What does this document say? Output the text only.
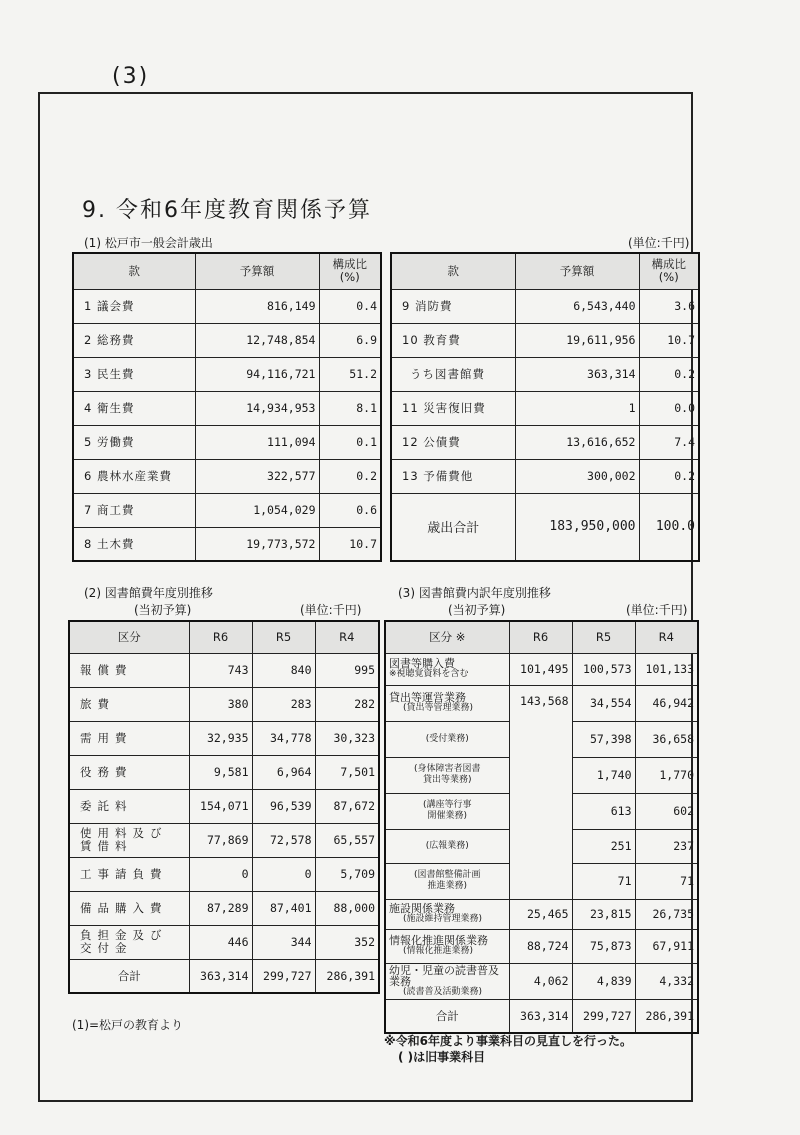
(3)
9. 令和6年度教育関係予算
(1) 松戸市一般会計歳出	(単位:千円)
款	予算額	構成比
(%)
1 議会費	816,149	0.4
2 総務費	12,748,854	6.9
3 民生費	94,116,721	51.2
4 衛生費	14,934,953	8.1
5 労働費	111,094	0.1
6 農林水産業費	322,577	0.2
7 商工費	1,054,029	0.6
8 土木費	19,773,572	10.7
款	予算額	構成比
(%)
9 消防費	6,543,440	3.6
10 教育費	19,611,956	10.7
うち図書館費	363,314	0.2
11 災害復旧費	1	0.0
12 公債費	13,616,652	7.4
13 予備費他	300,002	0.2
歳出合計	183,950,000	100.0
(2) 図書館費年度別推移
(当初予算)	(単位:千円)
区分	R6	R5	R4
報償費	743	840	995
旅費	380	283	282
需用費	32,935	34,778	30,323
役務費	9,581	6,964	7,501
委託料	154,071	96,539	87,672
使用料及び
賃借料	77,869	72,578	65,557
工事請負費	0	0	5,709
備品購入費	87,289	87,401	88,000
負担金及び
交付金	446	344	352
合計	363,314	299,727	286,391
(1)=松戸の教育より
(3) 図書館費内訳年度別推移
(当初予算)	(単位:千円)
区分 ※	R6	R5	R4

図書等購入費
※視聴覚資料を含む	101,495	100,573	101,133

貸出等運営業務
(貸出等管理業務)	143,568	34,554	46,942

(受付業務)		57,398	36,658

(身体障害者図書
貸出等業務)		1,740	1,770

(講座等行事
開催業務)		613	602

(広報業務)		251	237

(図書館整備計画
推進業務)		71	71

施設関係業務
(施設維持管理業務)	25,465	23,815	26,735

情報化推進関係業務
(情報化推進業務)	88,724	75,873	67,911

幼児・児童の読書普及業務
(読書普及活動業務)	4,062	4,839	4,332
合計	363,314	299,727	286,391
※令和6年度より事業科目の見直しを行った。
( )は旧事業科目
